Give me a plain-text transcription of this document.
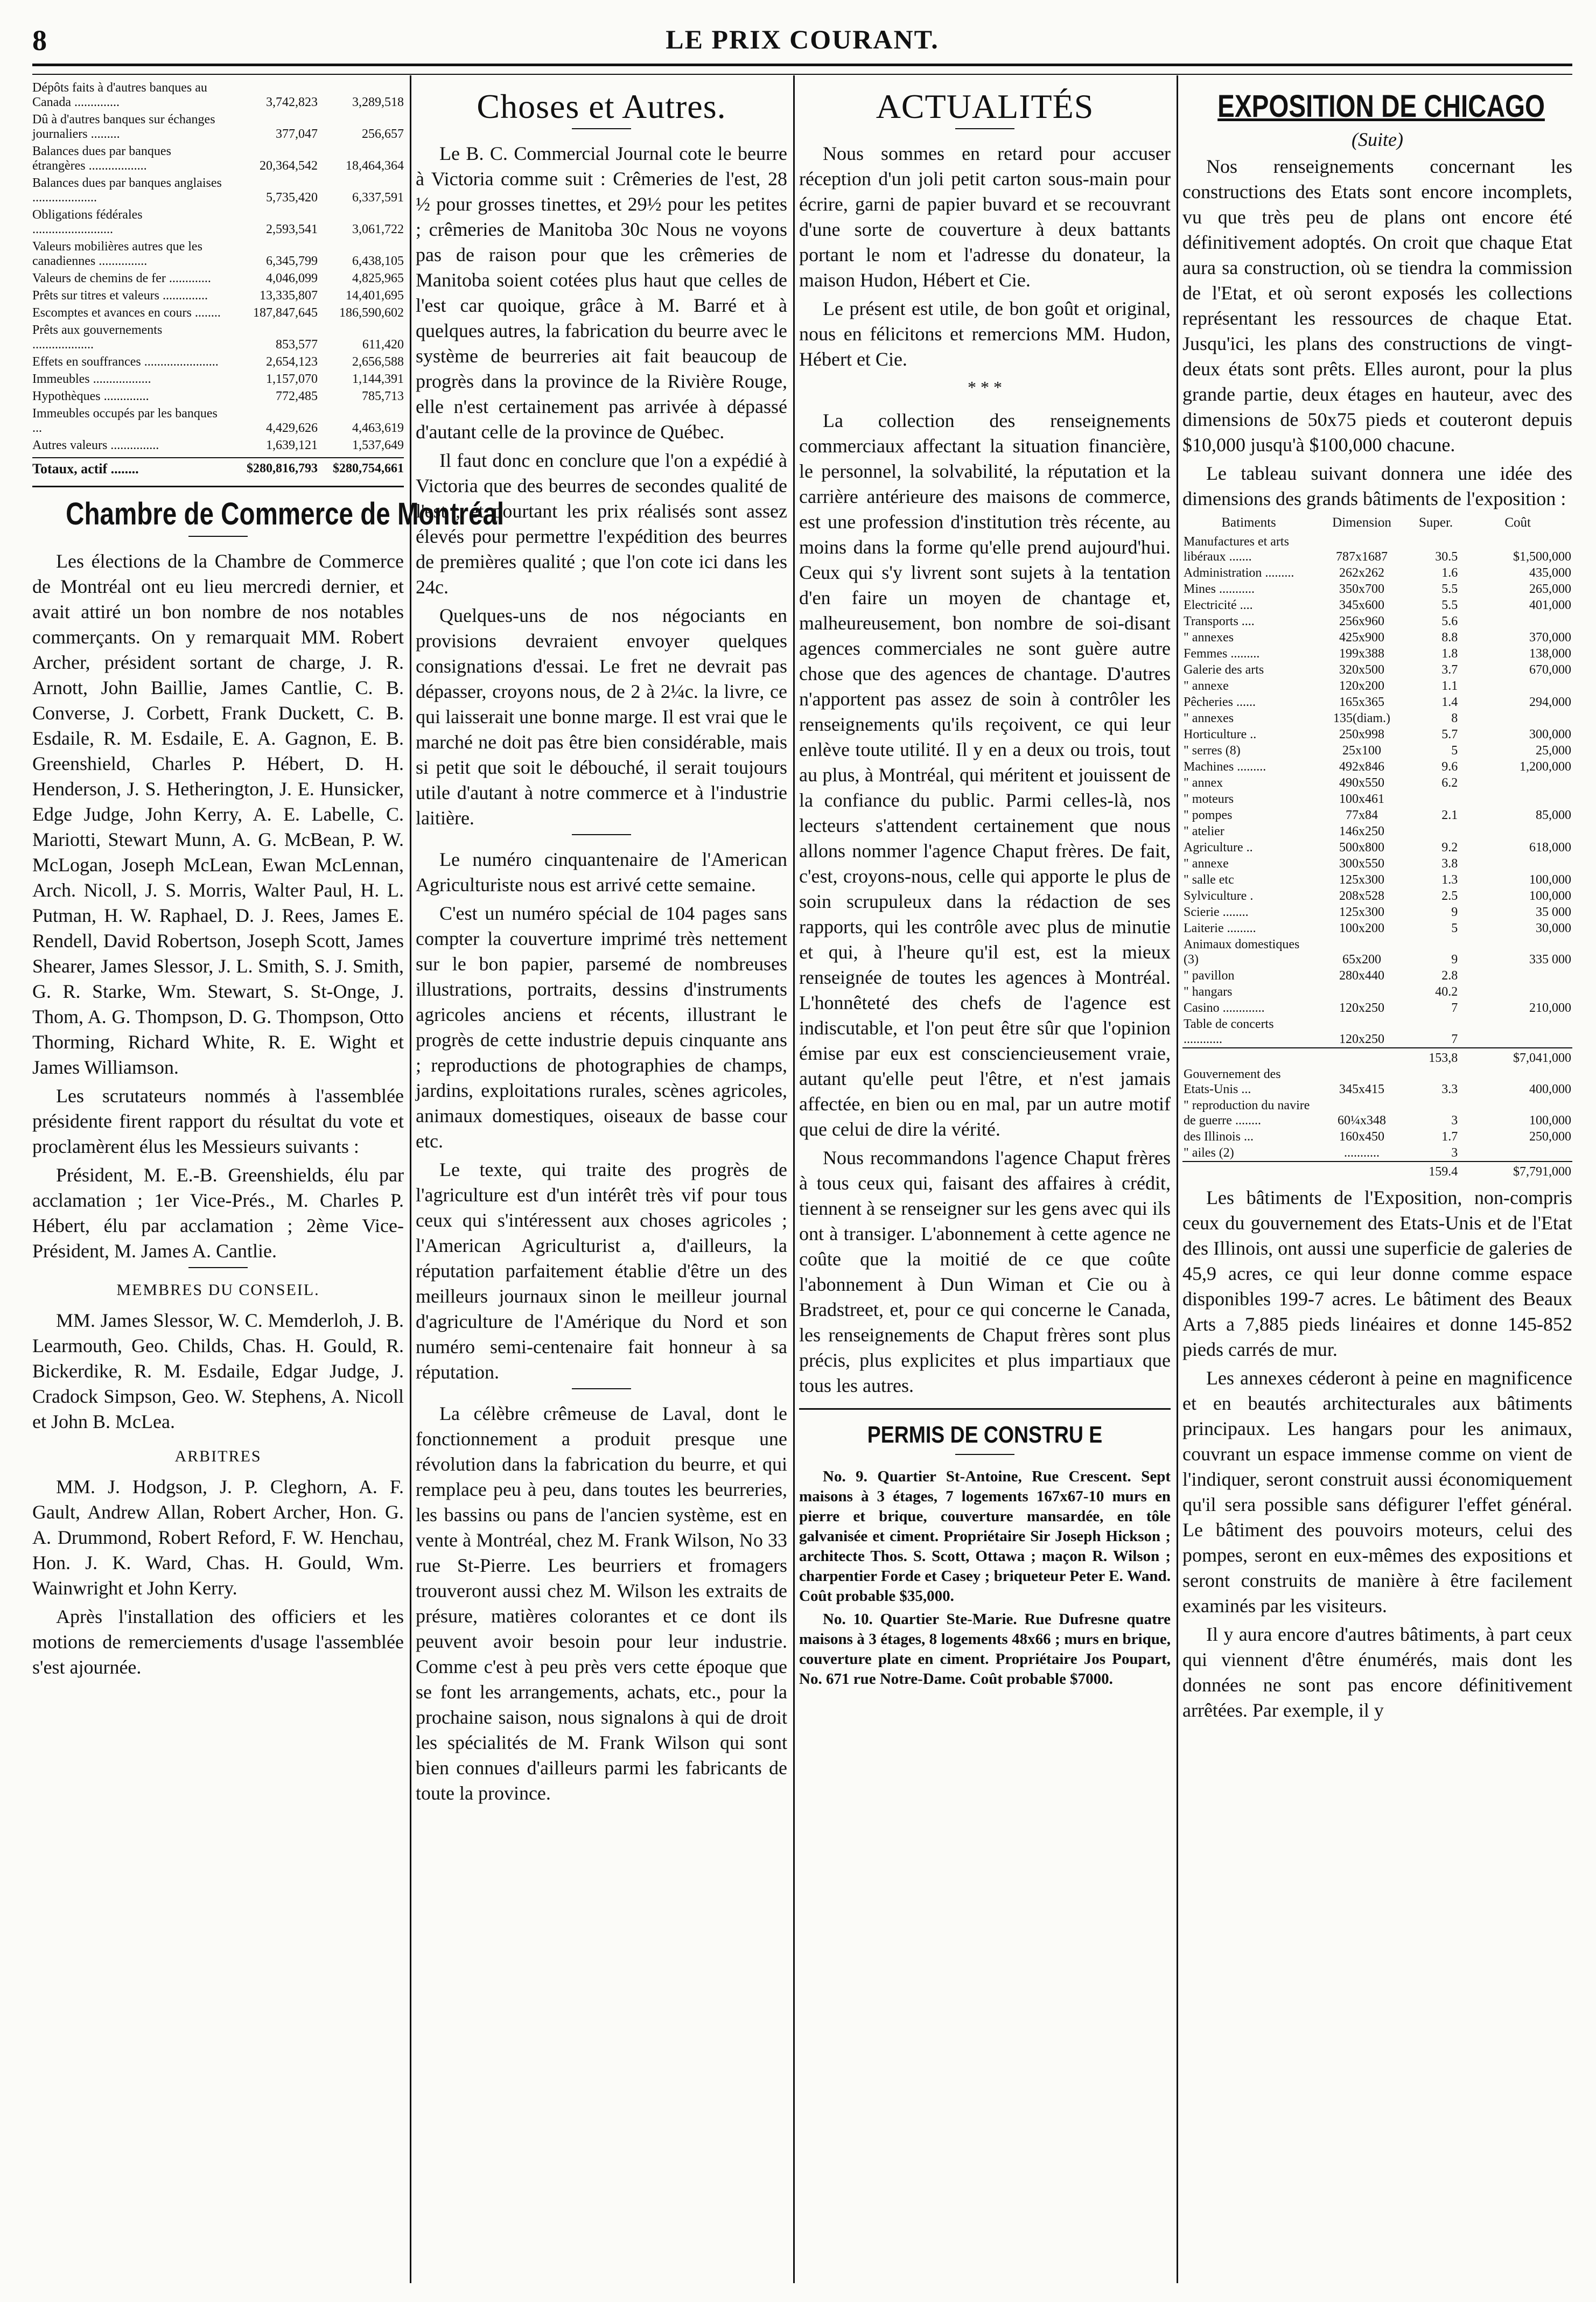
8	LE PRIX COURANT.
Dépôts faits à d'autres banques au Canada ..............	3,742,823	3,289,518
Dû à d'autres banques sur échanges journaliers .........	377,047	256,657
Balances dues par banques étrangères ..................	20,364,542	18,464,364
Balances dues par banques anglaises ....................	5,735,420	6,337,591
Obligations fédérales .........................	2,593,541	3,061,722
Valeurs mobilières autres que les canadiennes ...............	6,345,799	6,438,105
Valeurs de chemins de fer .............	4,046,099	4,825,965
Prêts sur titres et valeurs ..............	13,335,807	14,401,695
Escomptes et avances en cours ........	187,847,645	186,590,602
Prêts aux gouvernements ...................	853,577	611,420
Effets en souffrances .......................	2,654,123	2,656,588
Immeubles ..................	1,157,070	1,144,391
Hypothèques ..............	772,485	785,713
Immeubles occupés par les banques ...	4,429,626	4,463,619
Autres valeurs ...............	1,639,121	1,537,649
Totaux, actif ........	$280,816,793	$280,754,661
Chambre de Commerce de Montréal

Les élections de la Chambre de Commerce de Montréal ont eu lieu mercredi dernier, et avait attiré un bon nombre de nos notables commerçants. On y remarquait MM. Robert Archer, président sortant de charge, J. R. Arnott, John Baillie, James Cantlie, C. B. Converse, J. Corbett, Frank Duckett, C. B. Esdaile, R. M. Esdaile, E. A. Gagnon, E. B. Greenshield, Charles P. Hébert, D. H. Henderson, J. S. Hetherington, J. E. Hunsicker, Edge Judge, John Kerry, A. E. Labelle, C. Mariotti, Stewart Munn, A. G. McBean, P. W. McLogan, Joseph McLean, Ewan McLennan, Arch. Nicoll, J. S. Morris, Walter Paul, H. L. Putman, H. W. Raphael, D. J. Rees, James E. Rendell, David Robertson, Joseph Scott, James Shearer, James Slessor, J. L. Smith, S. J. Smith, G. R. Starke, Wm. Stewart, S. St-Onge, J. Thom, A. G. Thompson, D. G. Thompson, Otto Thorming, Richard White, R. E. Wight et James Williamson.

Les scrutateurs nommés à l'assemblée présidente firent rapport du résultat du vote et proclamèrent élus les Messieurs suivants :

Président, M. E.-B. Greenshields, élu par acclamation ; 1er Vice-Prés., M. Charles P. Hébert, élu par acclamation ; 2ème Vice-Président, M. James A. Cantlie.

MEMBRES DU CONSEIL.

MM. James Slessor, W. C. Memderloh, J. B. Learmouth, Geo. Childs, Chas. H. Gould, R. Bickerdike, R. M. Esdaile, Edgar Judge, J. Cradock Simpson, Geo. W. Stephens, A. Nicoll et John B. McLea.

ARBITRES

MM. J. Hodgson, J. P. Cleghorn, A. F. Gault, Andrew Allan, Robert Archer, Hon. G. A. Drummond, Robert Reford, F. W. Henchau, Hon. J. K. Ward, Chas. H. Gould, Wm. Wainwright et John Kerry.

Après l'installation des officiers et les motions de remerciements d'usage l'assemblée s'est ajournée.

Choses et Autres.

Le B. C. Commercial Journal cote le beurre à Victoria comme suit : Crêmeries de l'est, 28 ½ pour grosses tinettes, et 29½ pour les petites ; crêmeries de Manitoba 30c Nous ne voyons pas de raison pour que les crêmeries de Manitoba soient cotées plus haut que celles de l'est car quoique, grâce à M. Barré et à quelques autres, la fabrication du beurre avec le système de beurreries ait fait beaucoup de progrès dans la province de la Rivière Rouge, elle n'est certainement pas arrivée à dépassé d'autant celle de la province de Québec.

Il faut donc en conclure que l'on a expédié à Victoria que des beurres de secondes qualité de l'est ; et pourtant les prix réalisés sont assez élevés pour permettre l'expédition des beurres de premières qualité ; que l'on cote ici dans les 24c.

Quelques-uns de nos négociants en provisions devraient envoyer quelques consignations d'essai. Le fret ne devrait pas dépasser, croyons nous, de 2 à 2¼c. la livre, ce qui laisserait une bonne marge. Il est vrai que le marché ne doit pas être bien considérable, mais si petit que soit le débouché, il serait toujours utile d'autant à notre commerce et à l'industrie laitière.

Le numéro cinquantenaire de l'American Agriculturiste nous est arrivé cette semaine.

C'est un numéro spécial de 104 pages sans compter la couverture imprimé très nettement sur le bon papier, parsemé de nombreuses illustrations, portraits, dessins d'instruments agricoles anciens et récents, illustrant le progrès de cette industrie depuis cinquante ans ; reproductions de photographies de champs, jardins, exploitations rurales, scènes agricoles, animaux domestiques, oiseaux de basse cour etc.

Le texte, qui traite des progrès de l'agriculture est d'un intérêt très vif pour tous ceux qui s'intéressent aux choses agricoles ; l'American Agriculturist a, d'ailleurs, la réputation parfaitement établie d'être un des meilleurs journaux sinon le meilleur journal d'agriculture de l'Amérique du Nord et son numéro semi-centenaire fait honneur à sa réputation.

La célèbre crêmeuse de Laval, dont le fonctionnement a produit presque une révolution dans la fabrication du beurre, et qui remplace peu à peu, dans toutes les beurreries, les bassins ou pans de l'ancien système, est en vente à Montréal, chez M. Frank Wilson, No 33 rue St-Pierre. Les beurriers et fromagers trouveront aussi chez M. Wilson les extraits de présure, matières colorantes et ce dont ils peuvent avoir besoin pour leur industrie. Comme c'est à peu près vers cette époque que se font les arrangements, achats, etc., pour la prochaine saison, nous signalons à qui de droit les spécialités de M. Frank Wilson qui sont bien connues d'ailleurs parmi les fabricants de toute la province.

ACTUALITÉS

Nous sommes en retard pour accuser réception d'un joli petit carton sous-main pour écrire, garni de papier buvard et se recouvrant d'une sorte de couverture à deux battants portant le nom et l'adresse du donateur, la maison Hudon, Hébert et Cie.

Le présent est utile, de bon goût et original, nous en félicitons et remercions MM. Hudon, Hébert et Cie.

* * *

La collection des renseignements commerciaux affectant la situation financière, le personnel, la solvabilité, la réputation et la carrière antérieure des maisons de commerce, est une profession d'institution très récente, au moins dans la forme qu'elle prend aujourd'hui. Ceux qui s'y livrent sont sujets à la tentation d'en faire un moyen de chantage et, malheureusement, bon nombre de soi-disant agences commerciales ne sont guère autre chose que des agences de chantage. D'autres n'apportent pas assez de soin à contrôler les renseignements qu'ils reçoivent, ce qui leur enlève toute utilité. Il y en a deux ou trois, tout au plus, à Montréal, qui méritent et jouissent de la confiance du public. Parmi celles-là, nos lecteurs s'attendent certainement que nous allons nommer l'agence Chaput frères. De fait, c'est, croyons-nous, celle qui apporte le plus de soin scrupuleux dans la rédaction de ses rapports, qui les contrôle avec plus de minutie et qui, à l'heure qu'il est, est la mieux renseignée de toutes les agences à Montréal. L'honnêteté des chefs de l'agence est indiscutable, et l'on peut être sûr que l'opinion émise par eux est consciencieusement vraie, autant qu'elle peut l'être, et n'est jamais affectée, en bien ou en mal, par un autre motif que celui de dire la vérité.

Nous recommandons l'agence Chaput frères à tous ceux qui, faisant des affaires à crédit, tiennent à se renseigner sur les gens avec qui ils ont à transiger. L'abonnement à cette agence ne coûte que la moitié de ce que coûte l'abonnement à Dun Wiman et Cie ou à Bradstreet, et, pour ce qui concerne le Canada, les renseignements de Chaput frères sont plus précis, plus explicites et plus impartiaux que tous les autres.

PERMIS DE CONSTRU E

No. 9. Quartier St-Antoine, Rue Crescent. Sept maisons à 3 étages, 7 logements 167x67-10 murs en pierre et brique, couverture mansardée, en tôle galvanisée et ciment. Propriétaire Sir Joseph Hickson ; architecte Thos. S. Scott, Ottawa ; maçon R. Wilson ; charpentier Forde et Casey ; briqueteur Peter E. Wand. Coût probable $35,000.

No. 10. Quartier Ste-Marie. Rue Dufresne quatre maisons à 3 étages, 8 logements 48x66 ; murs en brique, couverture plate en ciment. Propriétaire Jos Poupart, No. 671 rue Notre-Dame. Coût probable $7000.

EXPOSITION DE CHICAGO
(Suite)

Nos renseignements concernant les constructions des Etats sont encore incomplets, vu que très peu de plans ont encore été définitivement adoptés. On croit que chaque Etat aura sa construction, où se tiendra la commission de l'Etat, et où seront exposés les collections représentant les ressources de chaque Etat. Jusqu'ici, les plans des constructions de vingt-deux états sont prêts. Elles auront, pour la plus grande partie, deux étages en hauteur, avec des dimensions de 50x75 pieds et couteront depuis $10,000 jusqu'à $100,000 chacune.

Le tableau suivant donnera une idée des dimensions des grands bâtiments de l'exposition :

Batiments	Dimension	Super.	Coût
Manufactures et arts libéraux .......	787x1687	30.5	$1,500,000
Administration .........	262x262	1.6	435,000
Mines ...........	350x700	5.5	265,000
Electricité ....	345x600	5.5	401,000
Transports ....	256x960	5.6	
" annexes	425x900	8.8	370,000
Femmes .........	199x388	1.8	138,000
Galerie des arts	320x500	3.7	670,000
" annexe	120x200	1.1	
Pêcheries ......	165x365	1.4	294,000
" annexes	135(diam.)	8	
Horticulture ..	250x998	5.7	300,000
" serres (8)	25x100	5	25,000
Machines .........	492x846	9.6	1,200,000
" annex	490x550	6.2	
" moteurs	100x461		
" pompes	77x84	2.1	85,000
" atelier	146x250		
Agriculture ..	500x800	9.2	618,000
" annexe	300x550	3.8	
" salle etc	125x300	1.3	100,000
Sylviculture .	208x528	2.5	100,000
Scierie ........	125x300	9	35 000
Laiterie .........	100x200	5	30,000
Animaux domestiques (3)	65x200	9	335 000
" pavillon	280x440	2.8	
" hangars		40.2	
Casino .............	120x250	7	210,000
Table de concerts ............	120x250	7	
		153,8	$7,041,000
Gouvernement des Etats-Unis ...	345x415	3.3	400,000
" reproduction du navire de guerre ........	60¼x348	3	100,000
des Illinois ...	160x450	1.7	250,000
" ailes (2)	...........	3	
		159.4	$7,791,000

Les bâtiments de l'Exposition, non-compris ceux du gouvernement des Etats-Unis et de l'Etat des Illinois, ont aussi une superficie de galeries de 45,9 acres, ce qui leur donne comme espace disponibles 199-7 acres. Le bâtiment des Beaux Arts a 7,885 pieds linéaires et donne 145-852 pieds carrés de mur.

Les annexes céderont à peine en magnificence et en beautés architecturales aux bâtiments principaux. Les hangars pour les animaux, couvrant un espace immense comme on vient de l'indiquer, seront construit aussi économiquement qu'il sera possible sans défigurer l'effet général. Le bâtiment des pouvoirs moteurs, celui des pompes, seront en eux-mêmes des expositions et seront construits de manière à être facilement examinés par les visiteurs.

Il y aura encore d'autres bâtiments, à part ceux qui viennent d'être énumérés, mais dont les données ne sont pas encore définitivement arrêtées. Par exemple, il y
